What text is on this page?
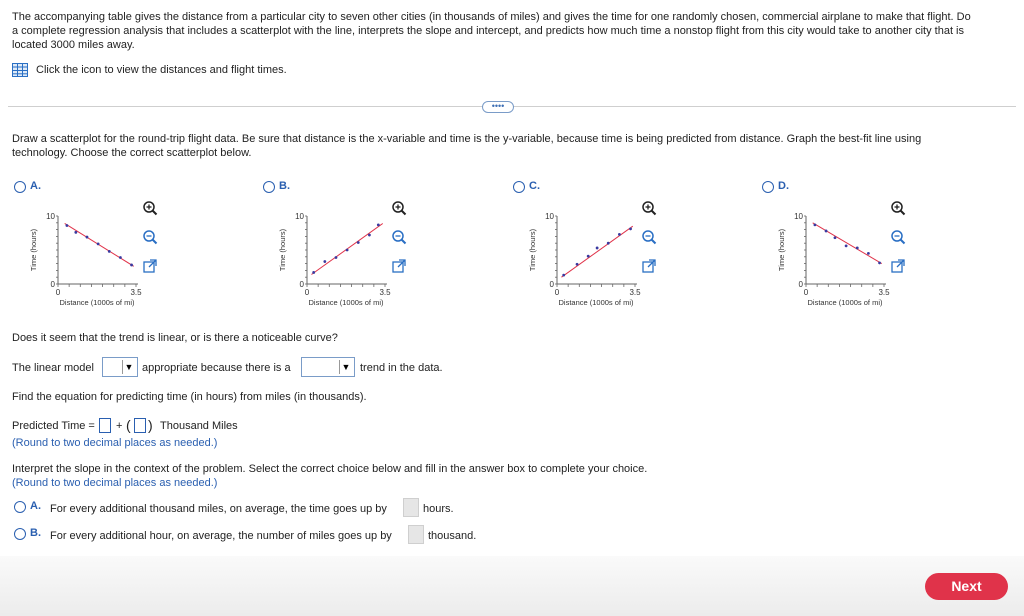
The accompanying table gives the distance from a particular city to seven other cities (in thousands of miles) and gives the time for one randomly chosen, commercial airplane to make that flight. Do
a complete regression analysis that includes a scatterplot with the line, interprets the slope and intercept, and predicts how much time a nonstop flight from this city would take to another city that is
located 3000 miles away.
Click the icon to view the distances and flight times.
••••
Draw a scatterplot for the round-trip flight data. Be sure that distance is the x-variable and time is the y-variable, because time is being predicted from distance. Graph the best-fit line using
technology. Choose the correct scatterplot below.
A.
10
0
0	3.5
Distance (1000s of mi)
Time (hours)
B.
10
0
0	3.5
Distance (1000s of mi)
Time (hours)
C.
10
0
0	3.5
Distance (1000s of mi)
Time (hours)
D.
10
0
0	3.5
Distance (1000s of mi)
Time (hours)
Does it seem that the trend is linear, or is there a noticeable curve?
The linear model	▼ appropriate because there is a	▼ trend in the data.
Find the equation for predicting time (in hours) from miles (in thousands).
Predicted Time = + ( ) Thousand Miles
(Round to two decimal places as needed.)
Interpret the slope in the context of the problem. Select the correct choice below and fill in the answer box to complete your choice.
(Round to two decimal places as needed.)
A. For every additional thousand miles, on average, the time goes up by	hours.
B. For every additional hour, on average, the number of miles goes up by	thousand.
Next
